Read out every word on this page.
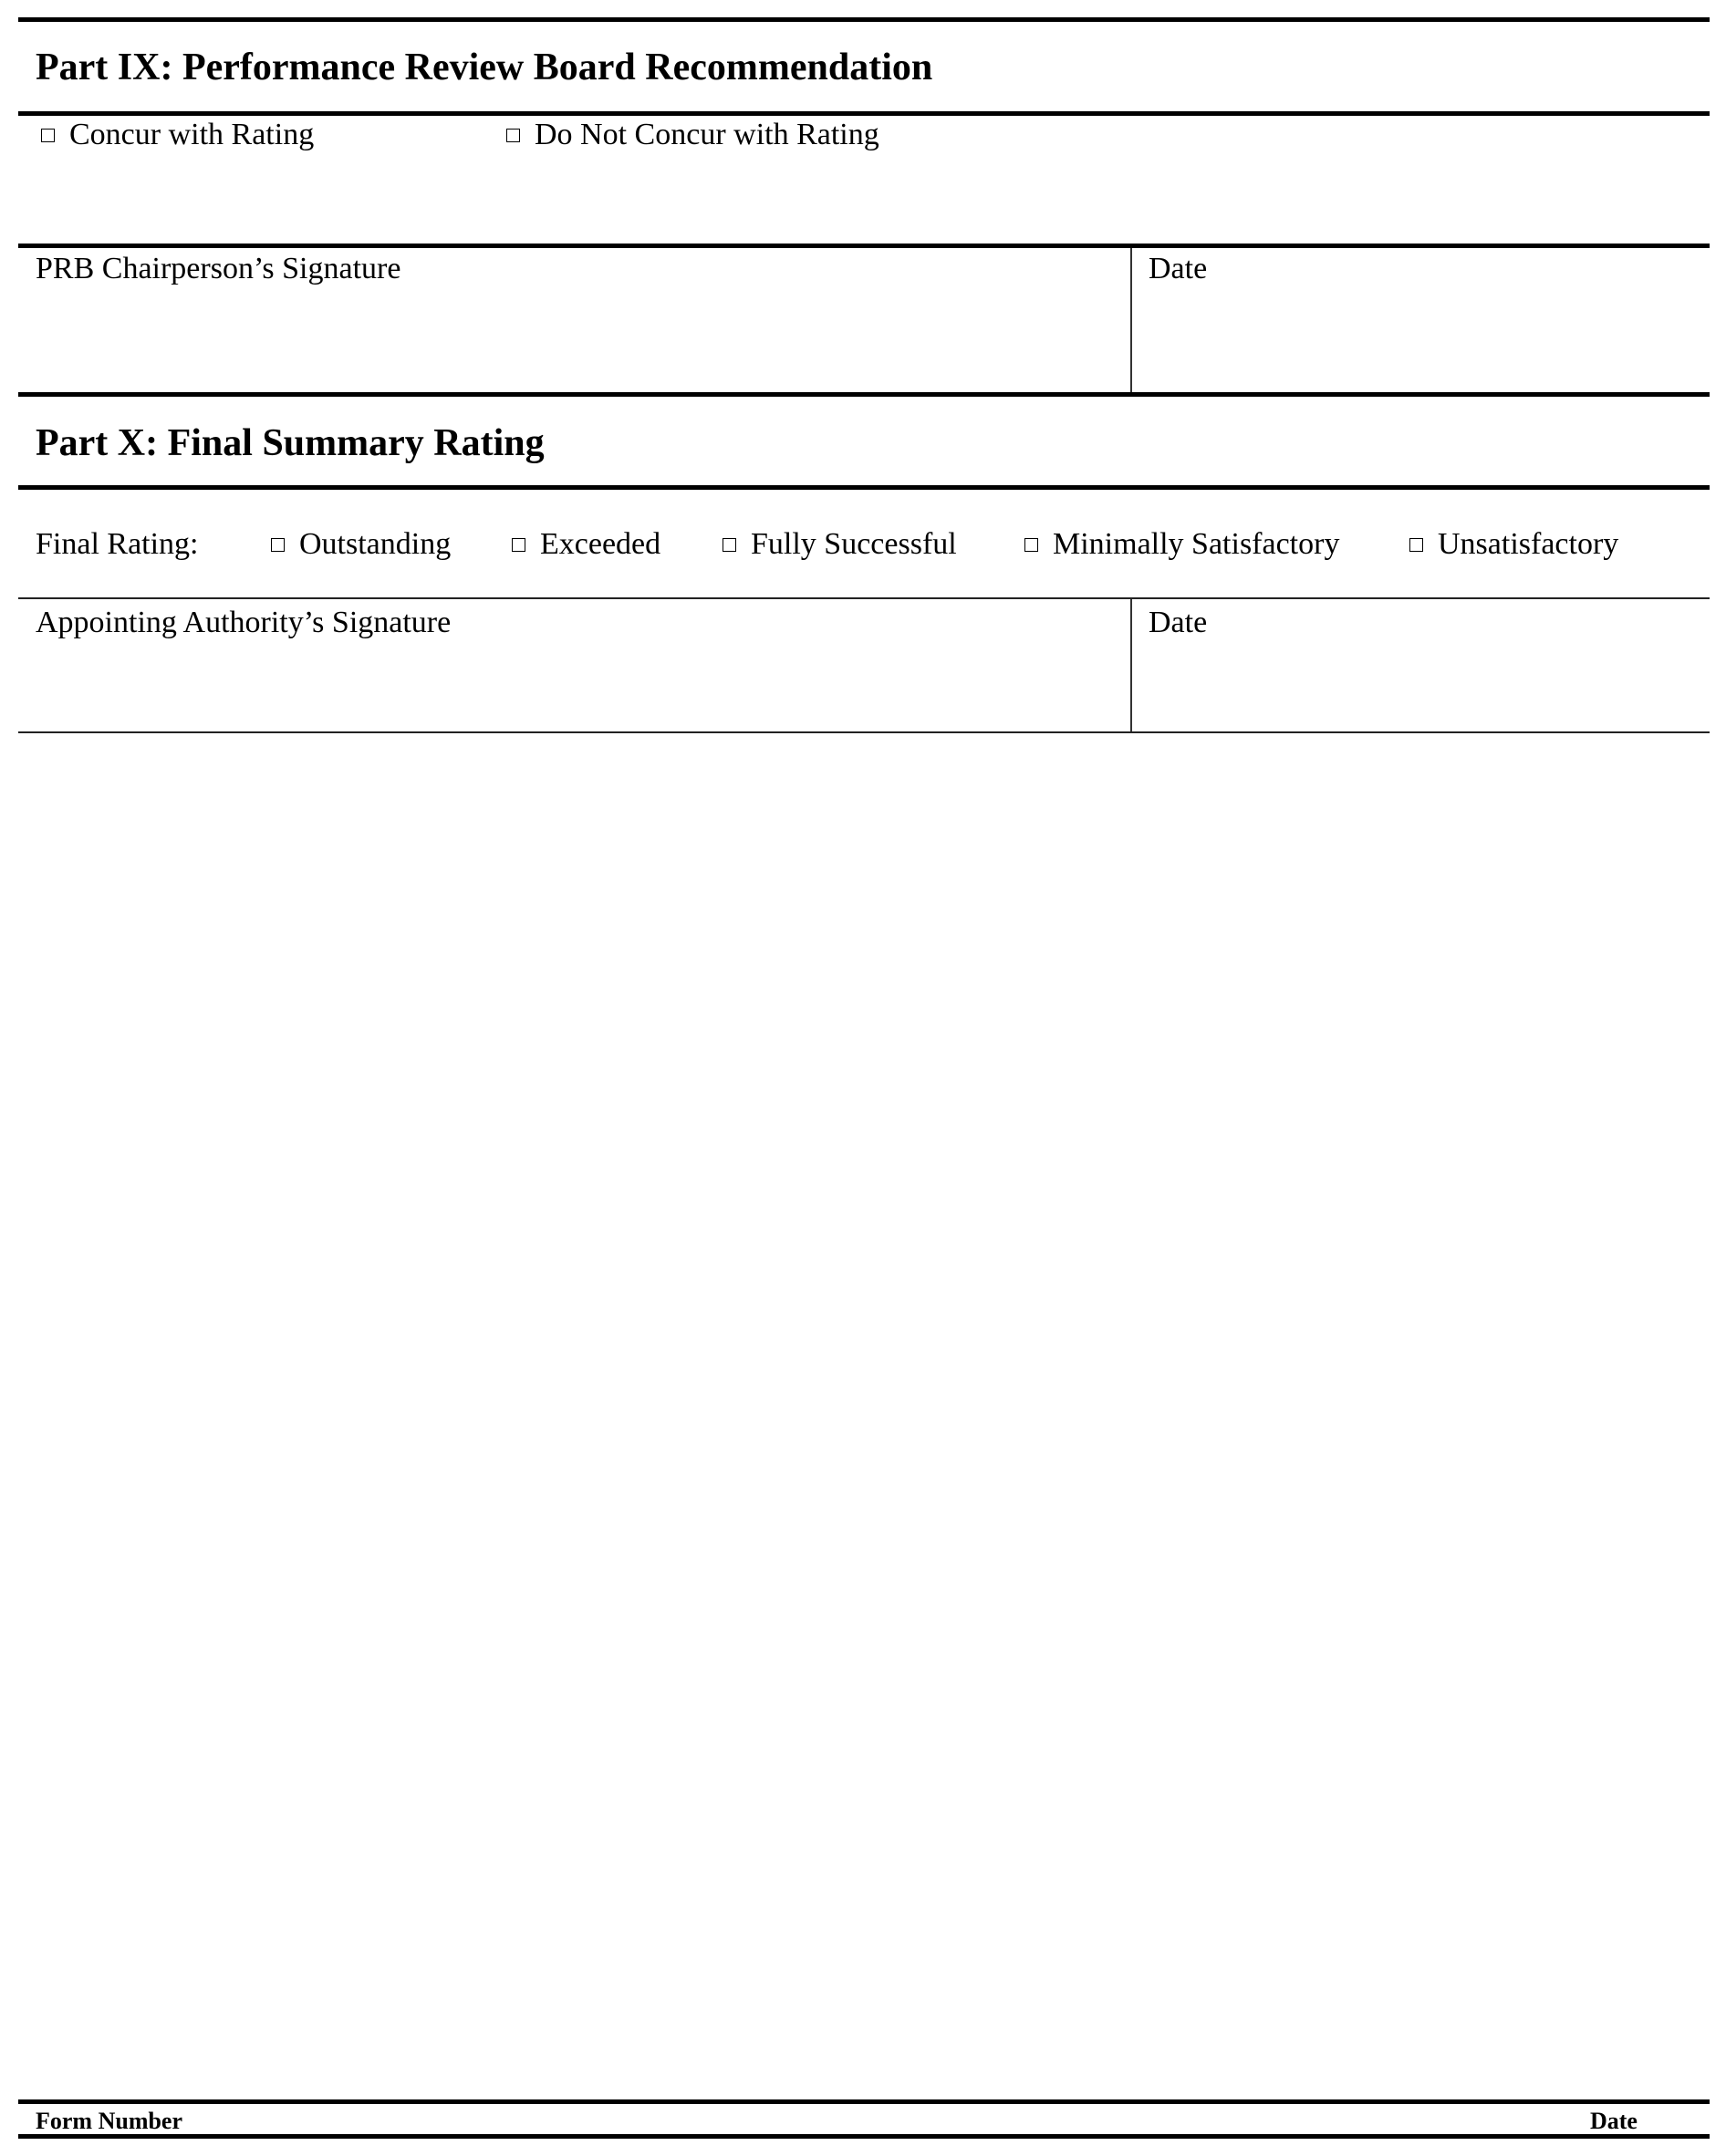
Part IX: Performance Review Board Recommendation
Concur with Rating	Do Not Concur with Rating
PRB Chairperson’s Signature	Date
Part X: Final Summary Rating
Final Rating:	Outstanding	Exceeded	Fully Successful	Minimally Satisfactory	Unsatisfactory
Appointing Authority’s Signature	Date
Form Number	Date
